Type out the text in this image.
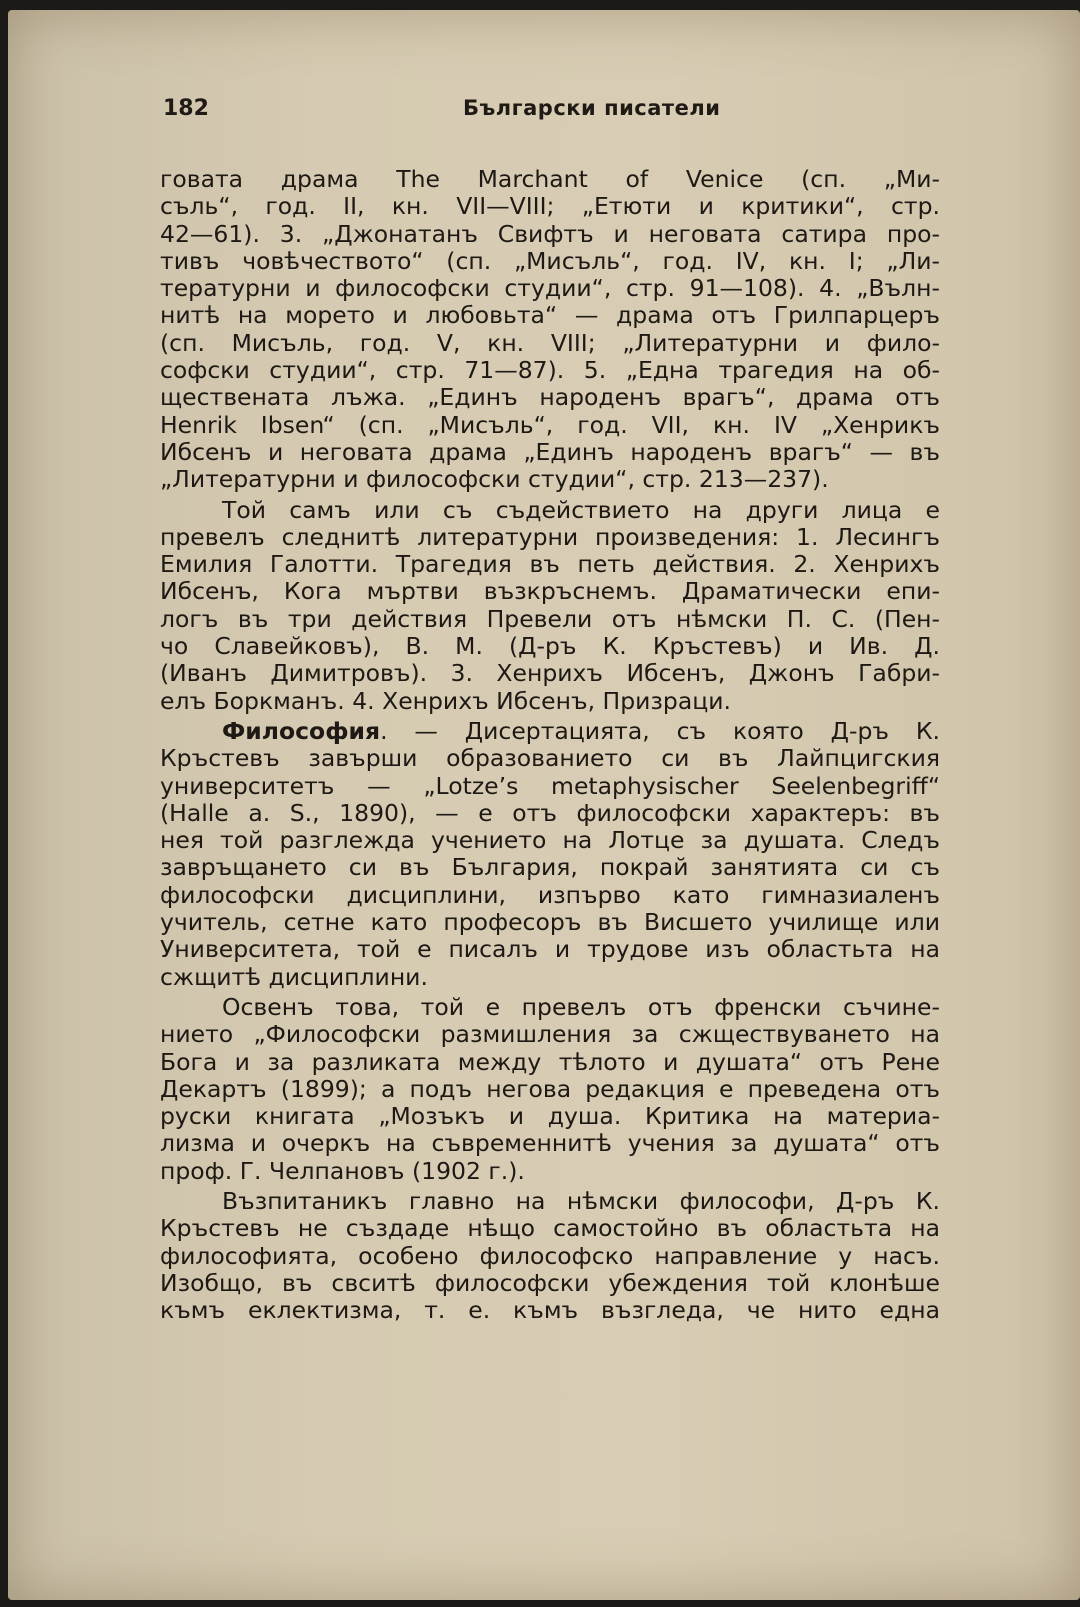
182	Български писатели
говата драма The Marchant of Venice (сп. „Ми-
съль“, год. II, кн. VII—VIII; „Етюти и критики“, стр.
42—61). 3. „Джонатанъ Свифтъ и неговата сатира про-
тивъ човѣчеството“ (сп. „Мисъль“, год. IV, кн. I; „Ли-
тературни и философски студии“, стр. 91—108). 4. „Вълн-
нитѣ на морето и любовьта“ — драма отъ Грилпарцеръ
(сп. Мисъль, год. V, кн. VIII; „Литературни и фило-
софски студии“, стр. 71—87). 5. „Една трагедия на об-
ществената лъжа. „Единъ народенъ врагъ“, драма отъ
Henrik Ibsen“ (сп. „Мисъль“, год. VII, кн. IV „Хенрикъ
Ибсенъ и неговата драма „Единъ народенъ врагъ“ — въ
„Литературни и философски студии“, стр. 213—237).
Той самъ или съ съдействието на други лица е
превелъ следнитѣ литературни произведения: 1. Лесингъ
Емилия Галотти. Трагедия въ петь действия. 2. Хенрихъ
Ибсенъ, Кога мъртви възкръснемъ. Драматически епи-
логъ въ три действия Превели отъ нѣмски П. С. (Пен-
чо Славейковъ), В. М. (Д-ръ К. Кръстевъ) и Ив. Д.
(Иванъ Димитровъ). 3. Хенрихъ Ибсенъ, Джонъ Габри-
елъ Боркманъ. 4. Хенрихъ Ибсенъ, Призраци.
Философия. — Дисертацията, съ която Д-ръ К.
Кръстевъ завърши образованието си въ Лайпцигския
университетъ — „Lotze’s metaphysischer Seelenbegriff“
(Halle a. S., 1890), — е отъ философски характеръ: въ
нея той разглежда учението на Лотце за душата. Следъ
завръщането си въ България, покрай занятията си съ
философски дисциплини, изпърво като гимназиаленъ
учитель, сетне като професоръ въ Висшето училище или
Университета, той е писалъ и трудове изъ областьта на
сжщитѣ дисциплини.
Освенъ това, той е превелъ отъ френски съчине-
нието „Философски размишления за сжществуването на
Бога и за разликата между тѣлото и душата“ отъ Рене
Декартъ (1899); а подъ негова редакция е преведена отъ
руски книгата „Мозъкъ и душа. Критика на материа-
лизма и очеркъ на съвременнитѣ учения за душата“ отъ
проф. Г. Челпановъ (1902 г.).
Възпитаникъ главно на нѣмски философи, Д-ръ К.
Кръстевъ не създаде нѣщо самостойно въ областьта на
философията, особено философско направление у насъ.
Изобщо, въ свситѣ философски убеждения той клонѣше
къмъ еклектизма, т. е. къмъ възгледа, че нито една
